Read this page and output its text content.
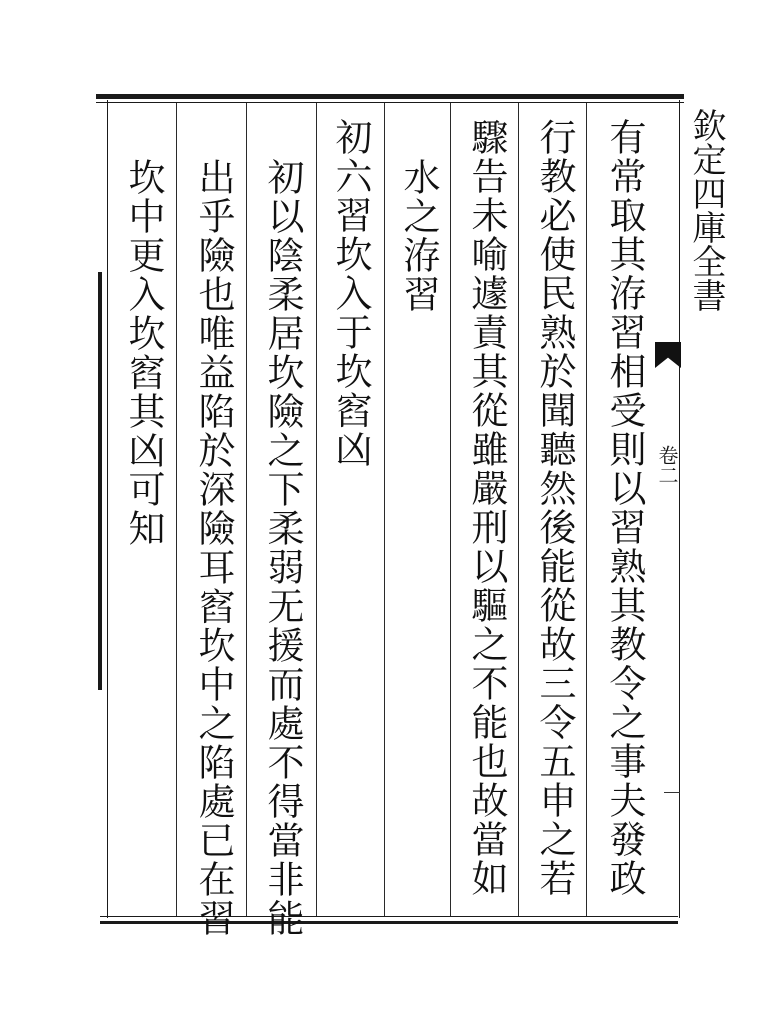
欽定四庫全書
卷二
有常取其洊習相受則以習熟其教令之事夫發政
行教必使民熟於聞聽然後能從故三令五申之若
驟告未喻遽責其從雖嚴刑以驅之不能也故當如
水之洊習
初六習坎入于坎窞凶
初以陰柔居坎險之下柔弱无援而處不得當非能
出乎險也唯益陷於深險耳窞坎中之陷處已在習
坎中更入坎窞其凶可知
